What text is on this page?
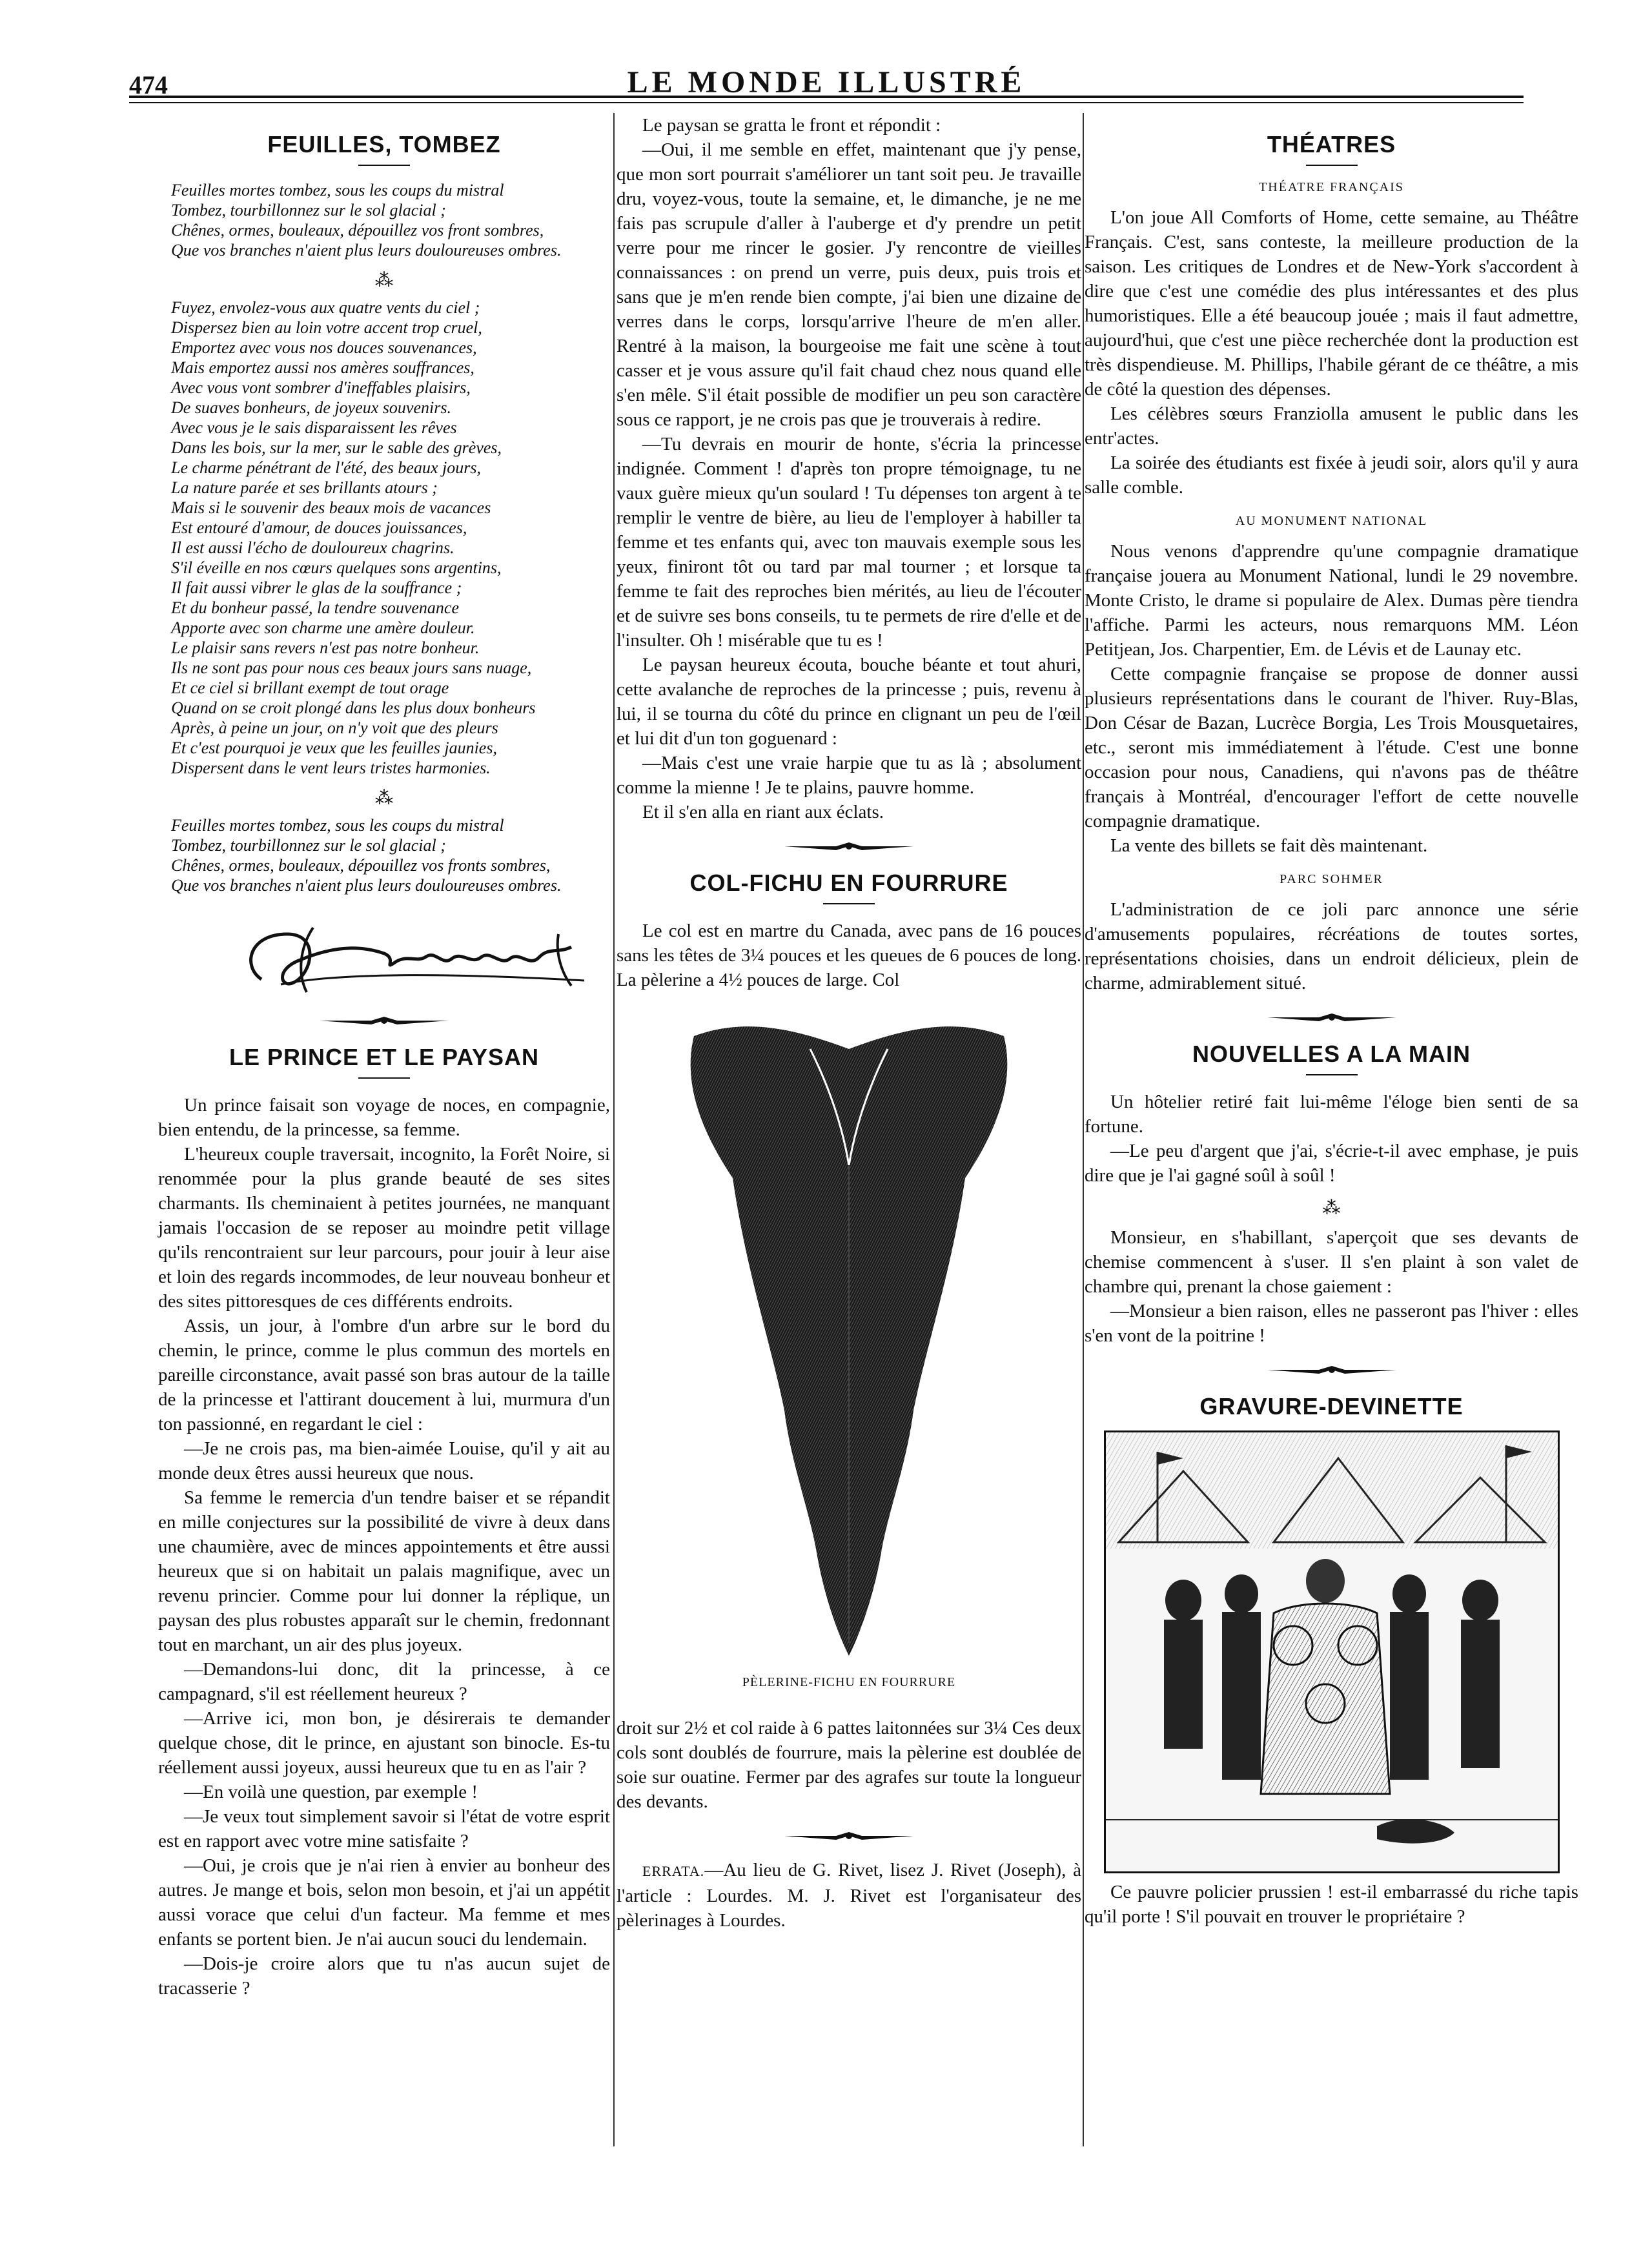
474	LE MONDE ILLUSTRÉ
FEUILLES, TOMBEZ
Feuilles mortes tombez, sous les coups du mistral
Tombez, tourbillonnez sur le sol glacial ;
Chênes, ormes, bouleaux, dépouillez vos front sombres,
Que vos branches n'aient plus leurs douloureuses ombres.
⁂
Fuyez, envolez-vous aux quatre vents du ciel ;
Dispersez bien au loin votre accent trop cruel,
Emportez avec vous nos douces souvenances,
Mais emportez aussi nos amères souffrances,
Avec vous vont sombrer d'ineffables plaisirs,
De suaves bonheurs, de joyeux souvenirs.
Avec vous je le sais disparaissent les rêves
Dans les bois, sur la mer, sur le sable des grèves,
Le charme pénétrant de l'été, des beaux jours,
La nature parée et ses brillants atours ;
Mais si le souvenir des beaux mois de vacances
Est entouré d'amour, de douces jouissances,
Il est aussi l'écho de douloureux chagrins.
S'il éveille en nos cœurs quelques sons argentins,
Il fait aussi vibrer le glas de la souffrance ;
Et du bonheur passé, la tendre souvenance
Apporte avec son charme une amère douleur.
Le plaisir sans revers n'est pas notre bonheur.
Ils ne sont pas pour nous ces beaux jours sans nuage,
Et ce ciel si brillant exempt de tout orage
Quand on se croit plongé dans les plus doux bonheurs
Après, à peine un jour, on n'y voit que des pleurs
Et c'est pourquoi je veux que les feuilles jaunies,
Dispersent dans le vent leurs tristes harmonies.
⁂
Feuilles mortes tombez, sous les coups du mistral
Tombez, tourbillonnez sur le sol glacial ;
Chênes, ormes, bouleaux, dépouillez vos fronts sombres,
Que vos branches n'aient plus leurs douloureuses ombres.
LE PRINCE ET LE PAYSAN

Un prince faisait son voyage de noces, en compagnie, bien entendu, de la princesse, sa femme.

L'heureux couple traversait, incognito, la Forêt Noire, si renommée pour la plus grande beauté de ses sites charmants. Ils cheminaient à petites journées, ne manquant jamais l'occasion de se reposer au moindre petit village qu'ils rencontraient sur leur parcours, pour jouir à leur aise et loin des regards incommodes, de leur nouveau bonheur et des sites pittoresques de ces différents endroits.

Assis, un jour, à l'ombre d'un arbre sur le bord du chemin, le prince, comme le plus commun des mortels en pareille circonstance, avait passé son bras autour de la taille de la princesse et l'attirant doucement à lui, murmura d'un ton passionné, en regardant le ciel :

—Je ne crois pas, ma bien-aimée Louise, qu'il y ait au monde deux êtres aussi heureux que nous.

Sa femme le remercia d'un tendre baiser et se répandit en mille conjectures sur la possibilité de vivre à deux dans une chaumière, avec de minces appointements et être aussi heureux que si on habitait un palais magnifique, avec un revenu princier. Comme pour lui donner la réplique, un paysan des plus robustes apparaît sur le chemin, fredonnant tout en marchant, un air des plus joyeux.

—Demandons-lui donc, dit la princesse, à ce campagnard, s'il est réellement heureux ?

—Arrive ici, mon bon, je désirerais te demander quelque chose, dit le prince, en ajustant son binocle. Es-tu réellement aussi joyeux, aussi heureux que tu en as l'air ?

—En voilà une question, par exemple !

—Je veux tout simplement savoir si l'état de votre esprit est en rapport avec votre mine satisfaite ?

—Oui, je crois que je n'ai rien à envier au bonheur des autres. Je mange et bois, selon mon besoin, et j'ai un appétit aussi vorace que celui d'un facteur. Ma femme et mes enfants se portent bien. Je n'ai aucun souci du lendemain.

—Dois-je croire alors que tu n'as aucun sujet de tracasserie ?

Le paysan se gratta le front et répondit :

—Oui, il me semble en effet, maintenant que j'y pense, que mon sort pourrait s'améliorer un tant soit peu. Je travaille dru, voyez-vous, toute la semaine, et, le dimanche, je ne me fais pas scrupule d'aller à l'auberge et d'y prendre un petit verre pour me rincer le gosier. J'y rencontre de vieilles connaissances : on prend un verre, puis deux, puis trois et sans que je m'en rende bien compte, j'ai bien une dizaine de verres dans le corps, lorsqu'arrive l'heure de m'en aller. Rentré à la maison, la bourgeoise me fait une scène à tout casser et je vous assure qu'il fait chaud chez nous quand elle s'en mêle. S'il était possible de modifier un peu son caractère sous ce rapport, je ne crois pas que je trouverais à redire.

—Tu devrais en mourir de honte, s'écria la princesse indignée. Comment ! d'après ton propre témoignage, tu ne vaux guère mieux qu'un soulard ! Tu dépenses ton argent à te remplir le ventre de bière, au lieu de l'employer à habiller ta femme et tes enfants qui, avec ton mauvais exemple sous les yeux, finiront tôt ou tard par mal tourner ; et lorsque ta femme te fait des reproches bien mérités, au lieu de l'écouter et de suivre ses bons conseils, tu te permets de rire d'elle et de l'insulter. Oh ! misérable que tu es !

Le paysan heureux écouta, bouche béante et tout ahuri, cette avalanche de reproches de la princesse ; puis, revenu à lui, il se tourna du côté du prince en clignant un peu de l'œil et lui dit d'un ton goguenard :

—Mais c'est une vraie harpie que tu as là ; absolument comme la mienne ! Je te plains, pauvre homme.

Et il s'en alla en riant aux éclats.

COL-FICHU EN FOURRURE

Le col est en martre du Canada, avec pans de 16 pouces sans les têtes de 3¼ pouces et les queues de 6 pouces de long. La pèlerine a 4½ pouces de large. Col

PÈLERINE-FICHU EN FOURRURE

droit sur 2½ et col raide à 6 pattes laitonnées sur 3¼ Ces deux cols sont doublés de fourrure, mais la pèlerine est doublée de soie sur ouatine. Fermer par des agrafes sur toute la longueur des devants.

ERRATA.—Au lieu de G. Rivet, lisez J. Rivet (Joseph), à l'article : Lourdes. M. J. Rivet est l'organisateur des pèlerinages à Lourdes.

THÉATRES
THÉATRE FRANÇAIS

L'on joue All Comforts of Home, cette semaine, au Théâtre Français. C'est, sans conteste, la meilleure production de la saison. Les critiques de Londres et de New-York s'accordent à dire que c'est une comédie des plus intéressantes et des plus humoristiques. Elle a été beaucoup jouée ; mais il faut admettre, aujourd'hui, que c'est une pièce recherchée dont la production est très dispendieuse. M. Phillips, l'habile gérant de ce théâtre, a mis de côté la question des dépenses.

Les célèbres sœurs Franziolla amusent le public dans les entr'actes.

La soirée des étudiants est fixée à jeudi soir, alors qu'il y aura salle comble.

AU MONUMENT NATIONAL

Nous venons d'apprendre qu'une compagnie dramatique française jouera au Monument National, lundi le 29 novembre. Monte Cristo, le drame si populaire de Alex. Dumas père tiendra l'affiche. Parmi les acteurs, nous remarquons MM. Léon Petitjean, Jos. Charpentier, Em. de Lévis et de Launay etc.

Cette compagnie française se propose de donner aussi plusieurs représentations dans le courant de l'hiver. Ruy-Blas, Don César de Bazan, Lucrèce Borgia, Les Trois Mousquetaires, etc., seront mis immédiatement à l'étude. C'est une bonne occasion pour nous, Canadiens, qui n'avons pas de théâtre français à Montréal, d'encourager l'effort de cette nouvelle compagnie dramatique.

La vente des billets se fait dès maintenant.

PARC SOHMER

L'administration de ce joli parc annonce une série d'amusements populaires, récréations de toutes sortes, représentations choisies, dans un endroit délicieux, plein de charme, admirablement situé.

NOUVELLES A LA MAIN

Un hôtelier retiré fait lui-même l'éloge bien senti de sa fortune.

—Le peu d'argent que j'ai, s'écrie-t-il avec emphase, je puis dire que je l'ai gagné soûl à soûl !

⁂

Monsieur, en s'habillant, s'aperçoit que ses devants de chemise commencent à s'user. Il s'en plaint à son valet de chambre qui, prenant la chose gaiement :

—Monsieur a bien raison, elles ne passeront pas l'hiver : elles s'en vont de la poitrine !

GRAVURE-DEVINETTE

Ce pauvre policier prussien ! est-il embarrassé du riche tapis qu'il porte ! S'il pouvait en trouver le propriétaire ?
